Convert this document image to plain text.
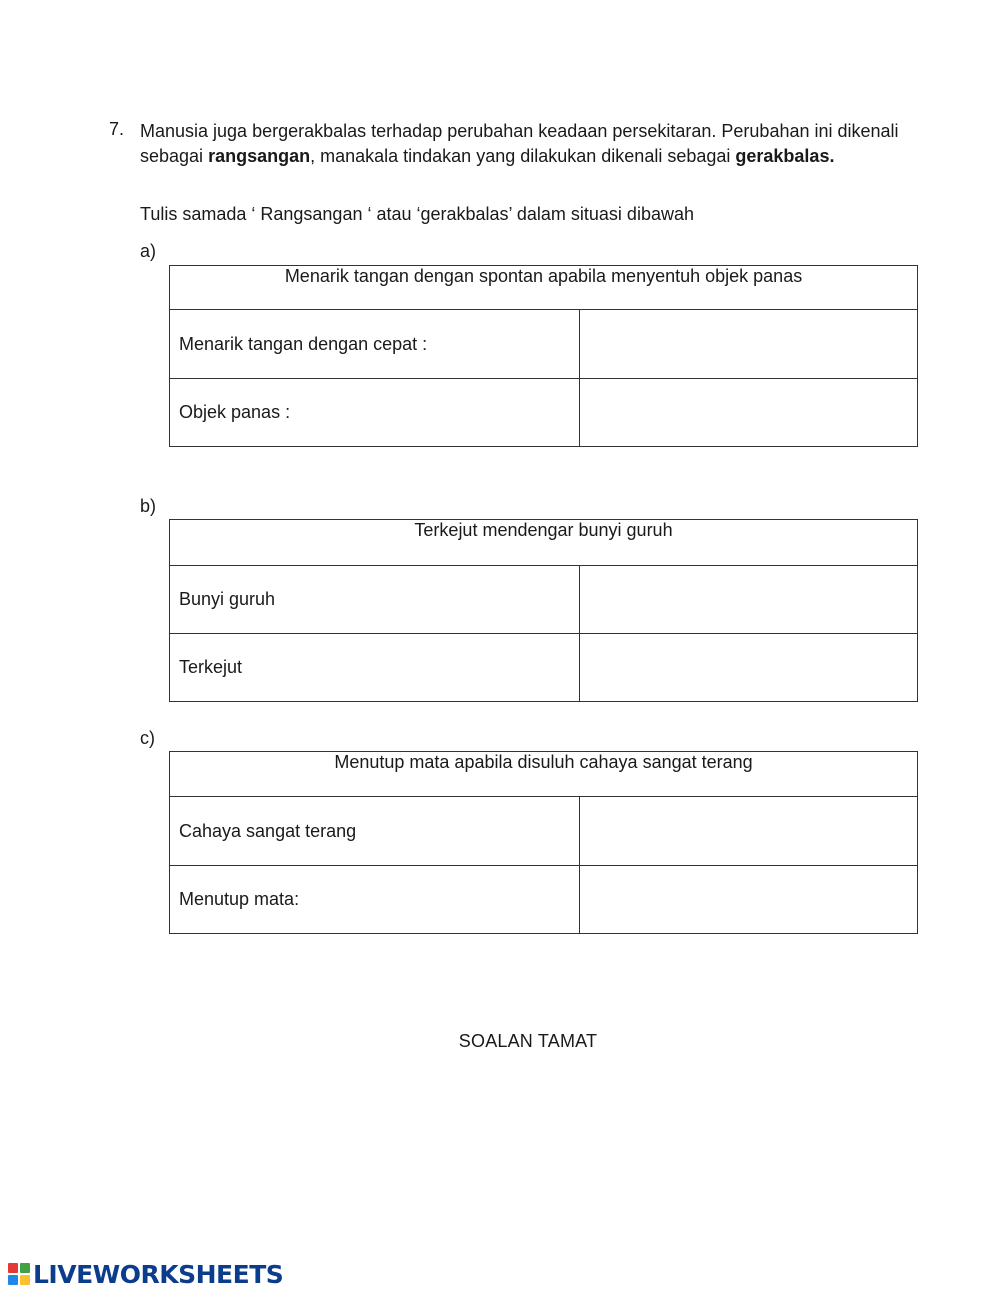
7. Manusia juga bergerakbalas terhadap perubahan keadaan persekitaran. Perubahan ini dikenali sebagai rangsangan, manakala tindakan yang dilakukan dikenali sebagai gerakbalas.
Tulis samada ‘ Rangsangan ‘ atau ‘gerakbalas’ dalam situasi dibawah
a)
Menarik tangan dengan spontan apabila menyentuh objek panas	
Menarik tangan dengan cepat :	
Objek panas :	
b)
Terkejut mendengar bunyi guruh	
Bunyi guruh	
Terkejut	
c)
Menutup mata apabila disuluh cahaya sangat terang	
Cahaya sangat terang	
Menutup mata:	
SOALAN TAMAT
LIVEWORKSHEETS
